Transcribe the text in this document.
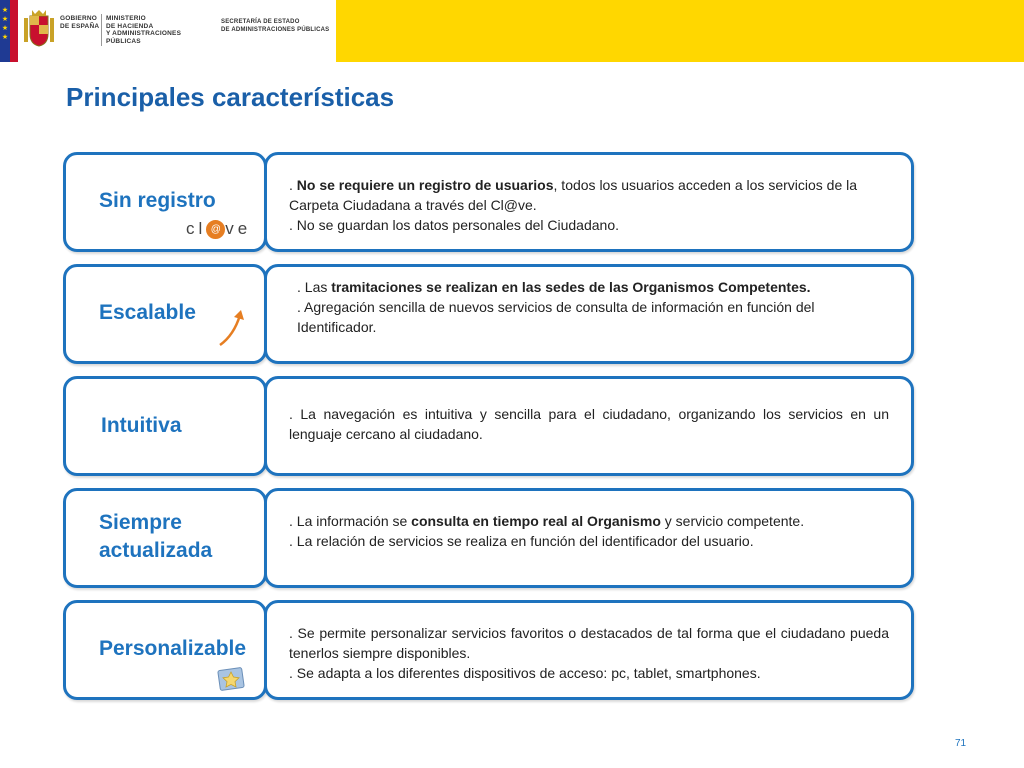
★
★
★
★
GOBIERNO
DE ESPAÑA
MINISTERIO
DE HACIENDA
Y ADMINISTRACIONES PÚBLICAS
SECRETARÍA DE ESTADO
DE ADMINISTRACIONES PÚBLICAS
Principales características
Sin registro
cl @ ve

. No se requiere un registro de usuarios, todos los usuarios acceden a los servicios de la Carpeta Ciudadana a través del Cl@ve.

. No se guardan los datos personales del Ciudadano.

Escalable

. Las tramitaciones se realizan en las sedes de las Organismos Competentes.

. Agregación sencilla de nuevos servicios de consulta de información en función del Identificador.

Intuitiva	. La navegación es intuitiva y sencilla para el ciudadano, organizando los servicios en un lenguaje cercano al ciudadano.

Siempre
actualizada

. La información se consulta en tiempo real al Organismo y servicio competente.

. La relación de servicios se realiza en función del identificador del usuario.

Personalizable

. Se permite personalizar servicios favoritos o destacados de tal forma que el ciudadano pueda tenerlos siempre disponibles.

. Se adapta a los diferentes dispositivos de acceso: pc, tablet, smartphones.

71
